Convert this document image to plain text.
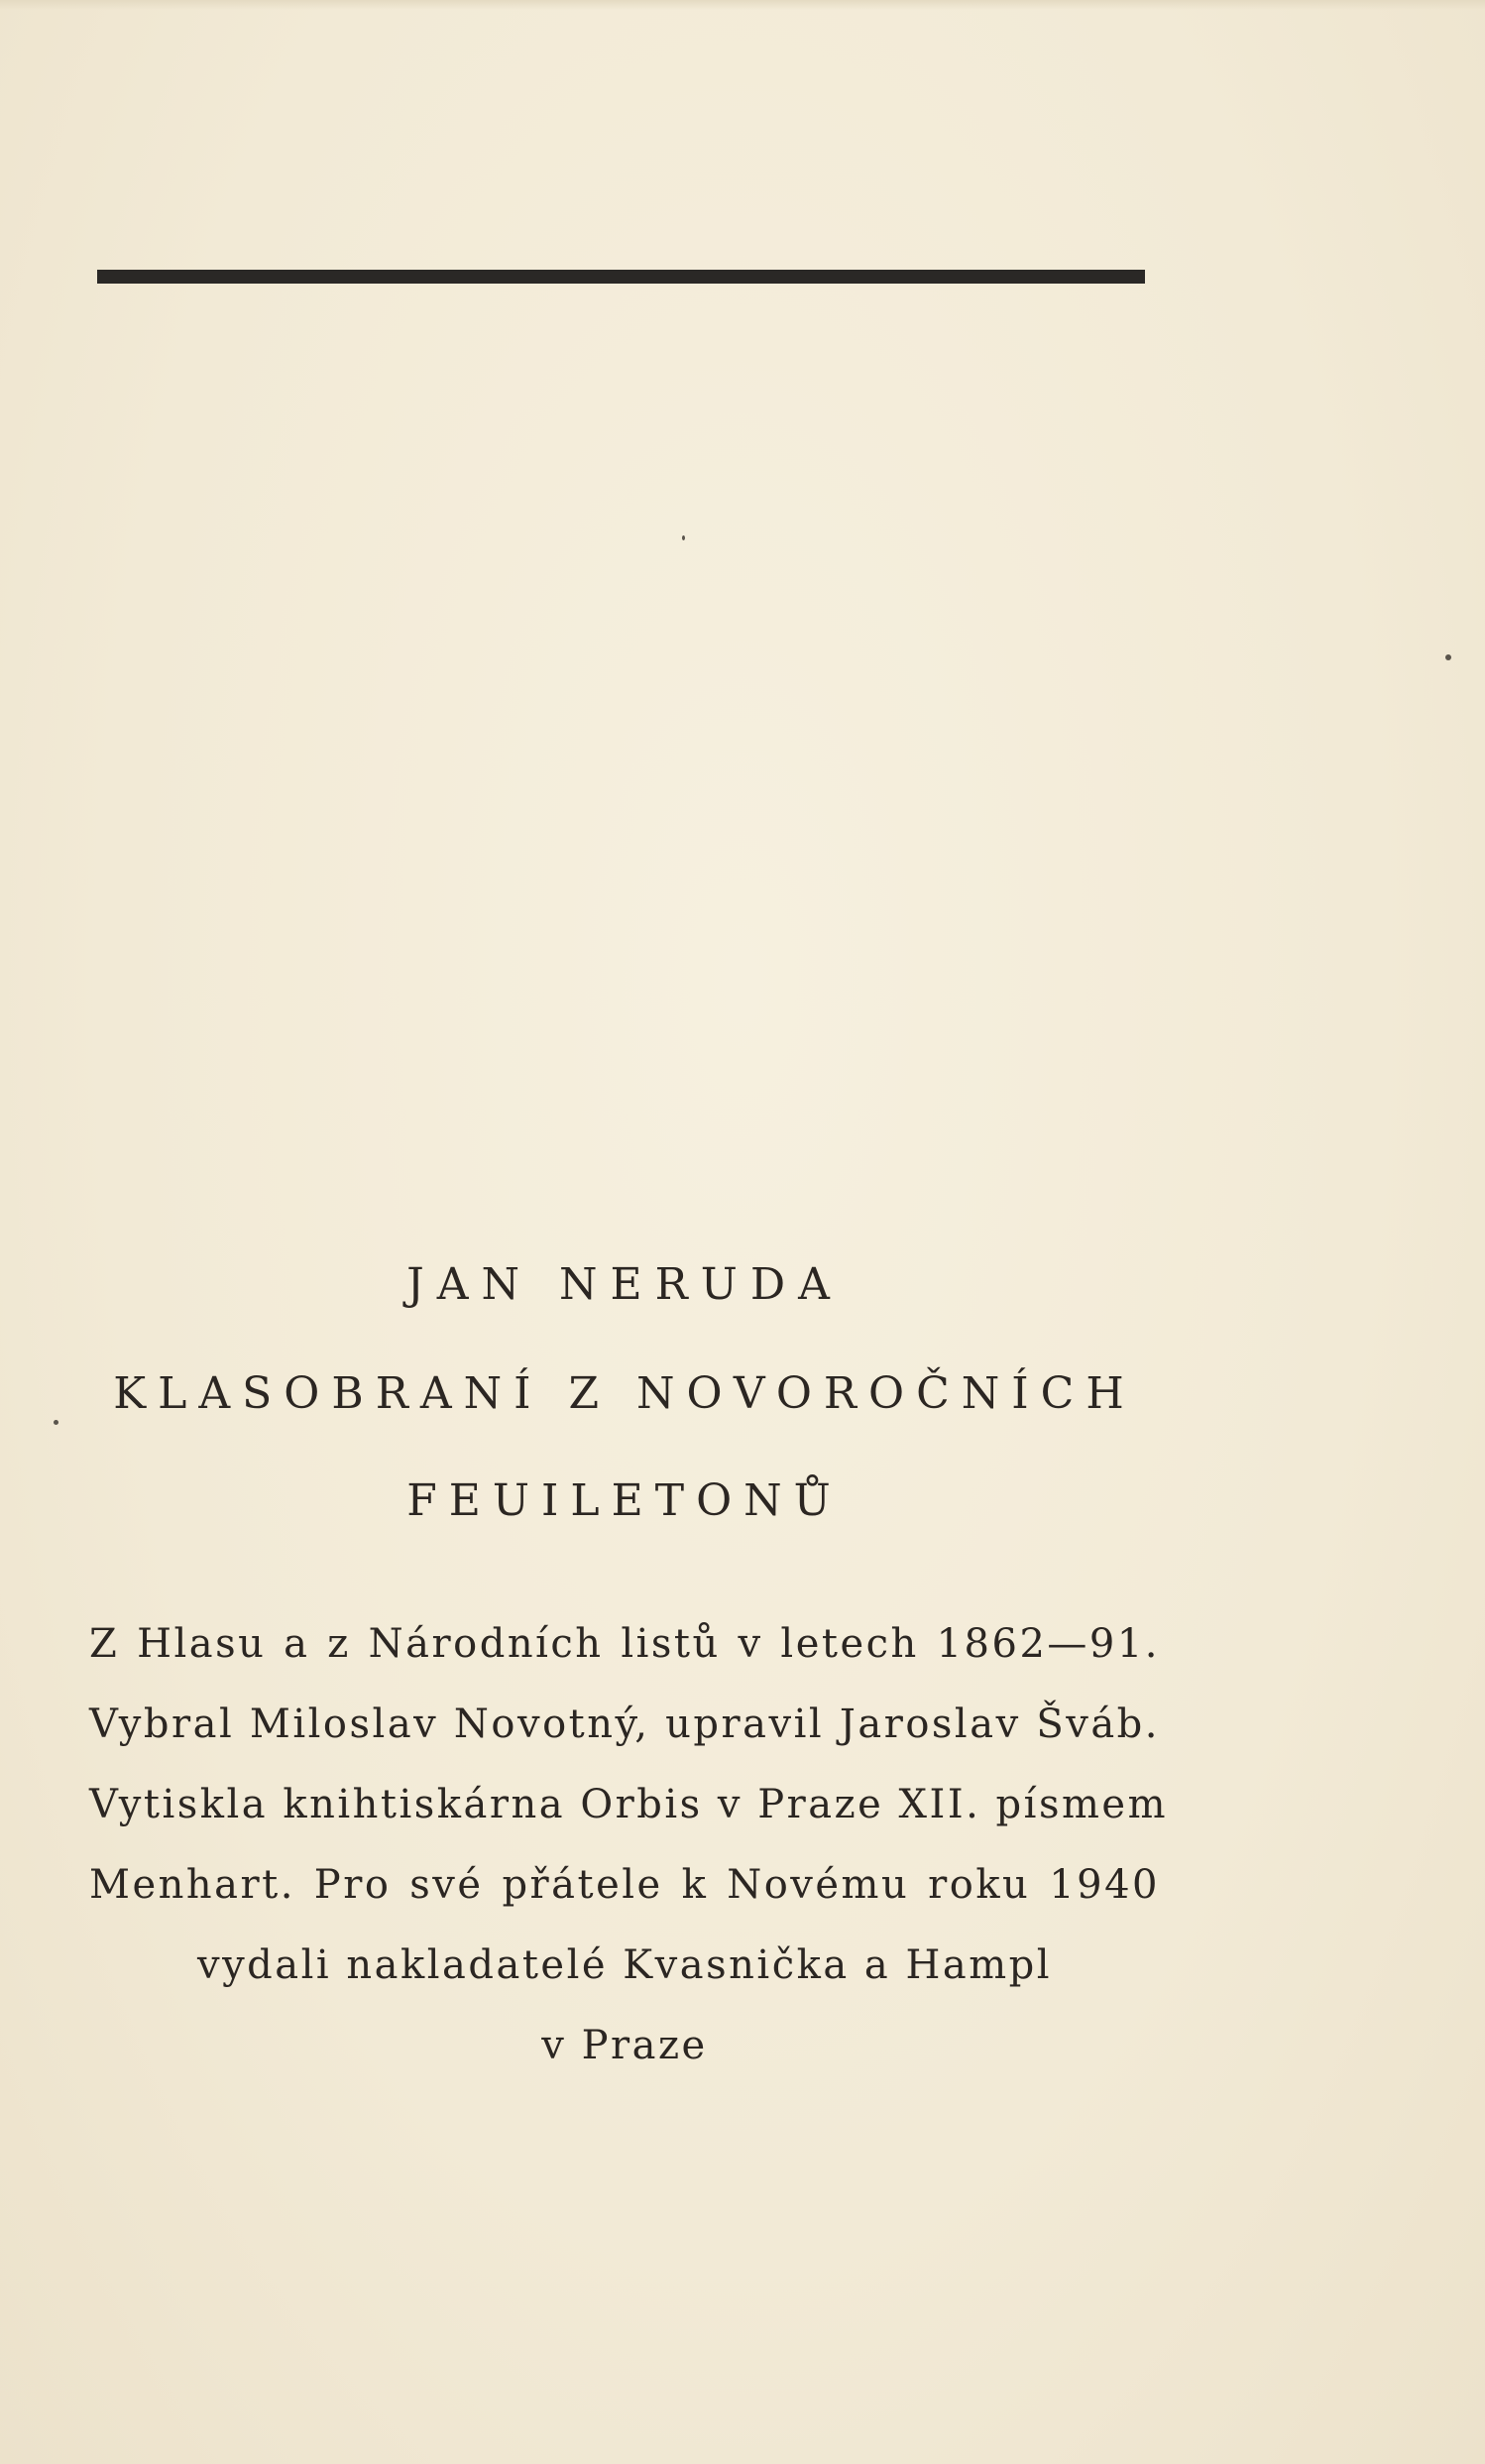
JAN NERUDA
KLASOBRANÍ Z NOVOROČNÍCH
FEUILETONŮ
Z Hlasu a z Národních listů v letech 1862—91.
Vybral Miloslav Novotný, upravil Jaroslav Šváb.
Vytiskla knihtiskárna Orbis v Praze XII. písmem
Menhart. Pro své přátele k Novému roku 1940
vydali nakladatelé Kvasnička a Hampl
v Praze
